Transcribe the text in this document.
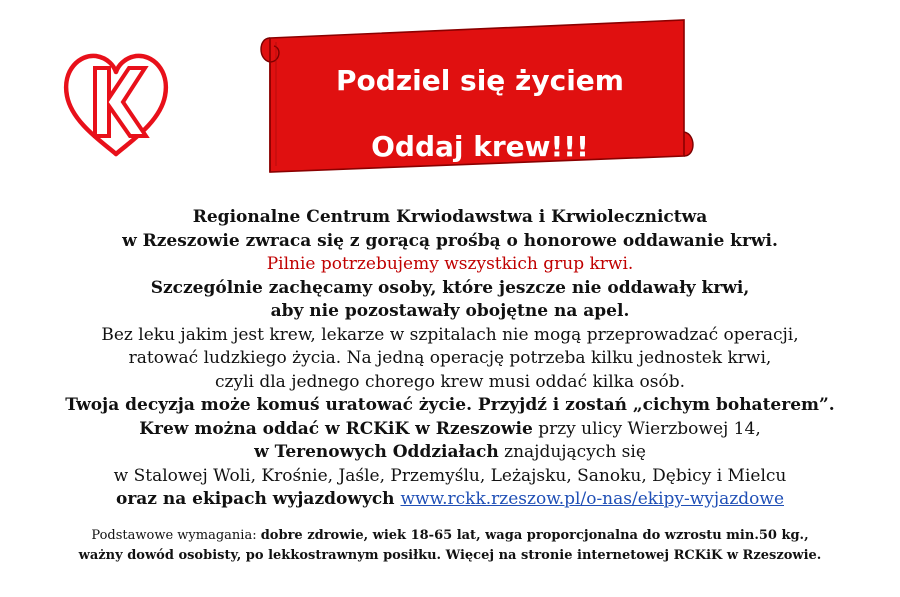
Podziel się życiem
Oddaj krew!!!
Regionalne Centrum Krwiodawstwa i Krwiolecznictwa
w Rzeszowie zwraca się z gorącą prośbą o honorowe oddawanie krwi.
Pilnie potrzebujemy wszystkich grup krwi.
Szczególnie zachęcamy osoby, które jeszcze nie oddawały krwi,
aby nie pozostawały obojętne na apel.
Bez leku jakim jest krew, lekarze w szpitalach nie mogą przeprowadzać operacji,
ratować ludzkiego życia. Na jedną operację potrzeba kilku jednostek krwi,
czyli dla jednego chorego krew musi oddać kilka osób.
Twoja decyzja może komuś uratować życie. Przyjdź i zostań „cichym bohaterem”.
Krew można oddać w RCKiK w Rzeszowie przy ulicy Wierzbowej 14,
w Terenowych Oddziałach znajdujących się
w Stalowej Woli, Krośnie, Jaśle, Przemyślu, Leżajsku, Sanoku, Dębicy i Mielcu
oraz na ekipach wyjazdowych www.rckk.rzeszow.pl/o-nas/ekipy-wyjazdowe
Podstawowe wymagania: dobre zdrowie, wiek 18-65 lat, waga proporcjonalna do wzrostu min.50 kg.,
ważny dowód osobisty, po lekkostrawnym posiłku. Więcej na stronie internetowej RCKiK w Rzeszowie.
